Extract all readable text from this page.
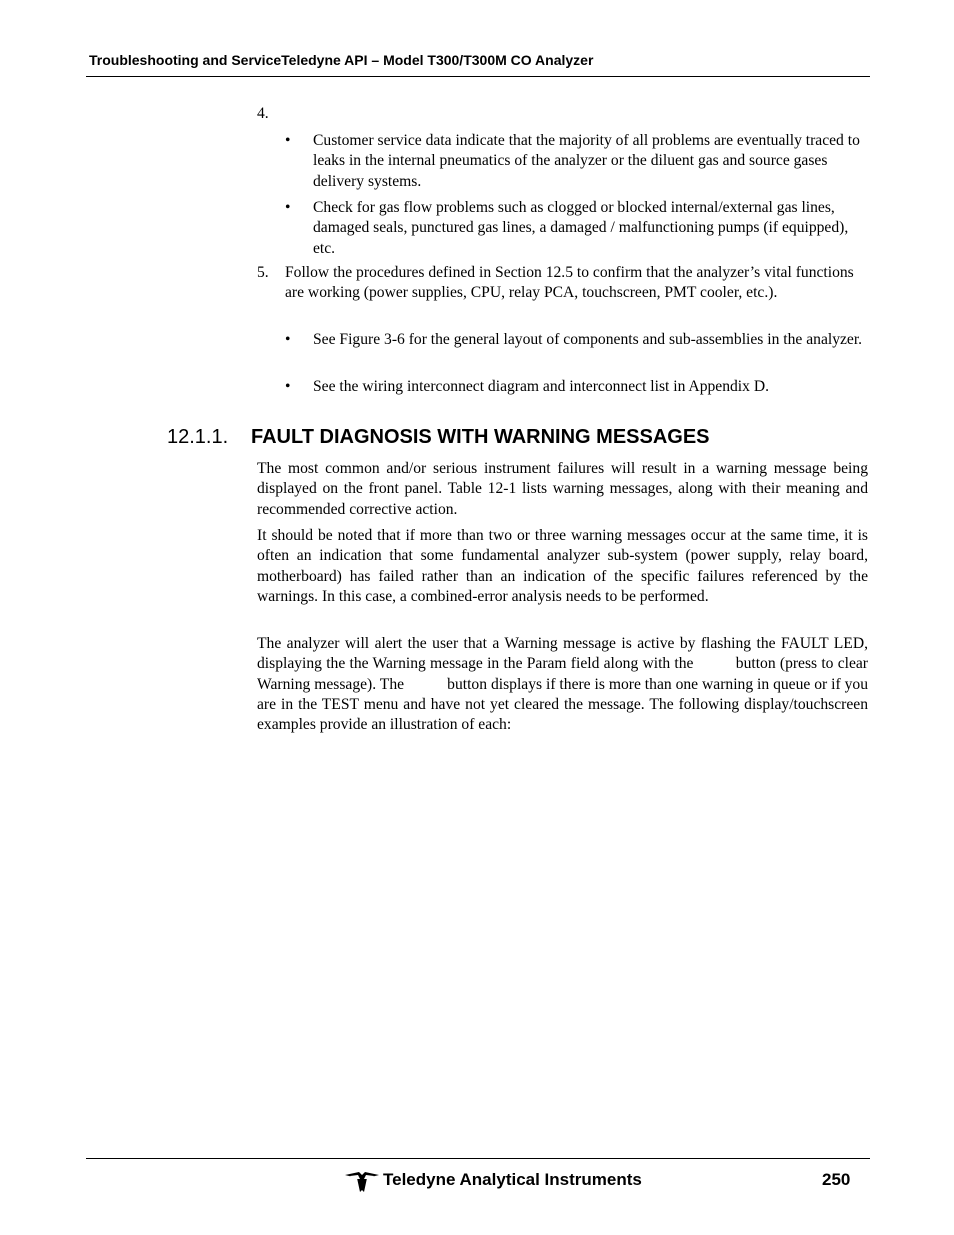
Troubleshooting and ServiceTeledyne API – Model T300/T300M CO Analyzer
4.
• Customer service data indicate that the majority of all problems are eventually traced to leaks in the internal pneumatics of the analyzer or the diluent gas and source gases delivery systems.
• Check for gas flow problems such as clogged or blocked internal/external gas lines, damaged seals, punctured gas lines, a damaged / malfunctioning pumps (if equipped), etc.
5. Follow the procedures defined in Section 12.5 to confirm that the analyzer’s vital functions are working (power supplies, CPU, relay PCA, touchscreen, PMT cooler, etc.).
• See Figure 3-6 for the general layout of components and sub-assemblies in the analyzer.
• See the wiring interconnect diagram and interconnect list in Appendix D.
12.1.1. FAULT DIAGNOSIS WITH WARNING MESSAGES
The most common and/or serious instrument failures will result in a warning message being displayed on the front panel. Table 12-1 lists warning messages, along with their meaning and recommended corrective action.
It should be noted that if more than two or three warning messages occur at the same time, it is often an indication that some fundamental analyzer sub-system (power supply, relay board, motherboard) has failed rather than an indication of the specific failures referenced by the warnings. In this case, a combined-error analysis needs to be performed.
The analyzer will alert the user that a Warning message is active by flashing the FAULT LED, displaying the the Warning message in the Param field along with the          button (press to clear Warning message). The           button displays if there is more than one warning in queue or if you are in the TEST menu and have not yet cleared the message. The following display/touchscreen examples provide an illustration of each:
Teledyne Analytical Instruments	250
